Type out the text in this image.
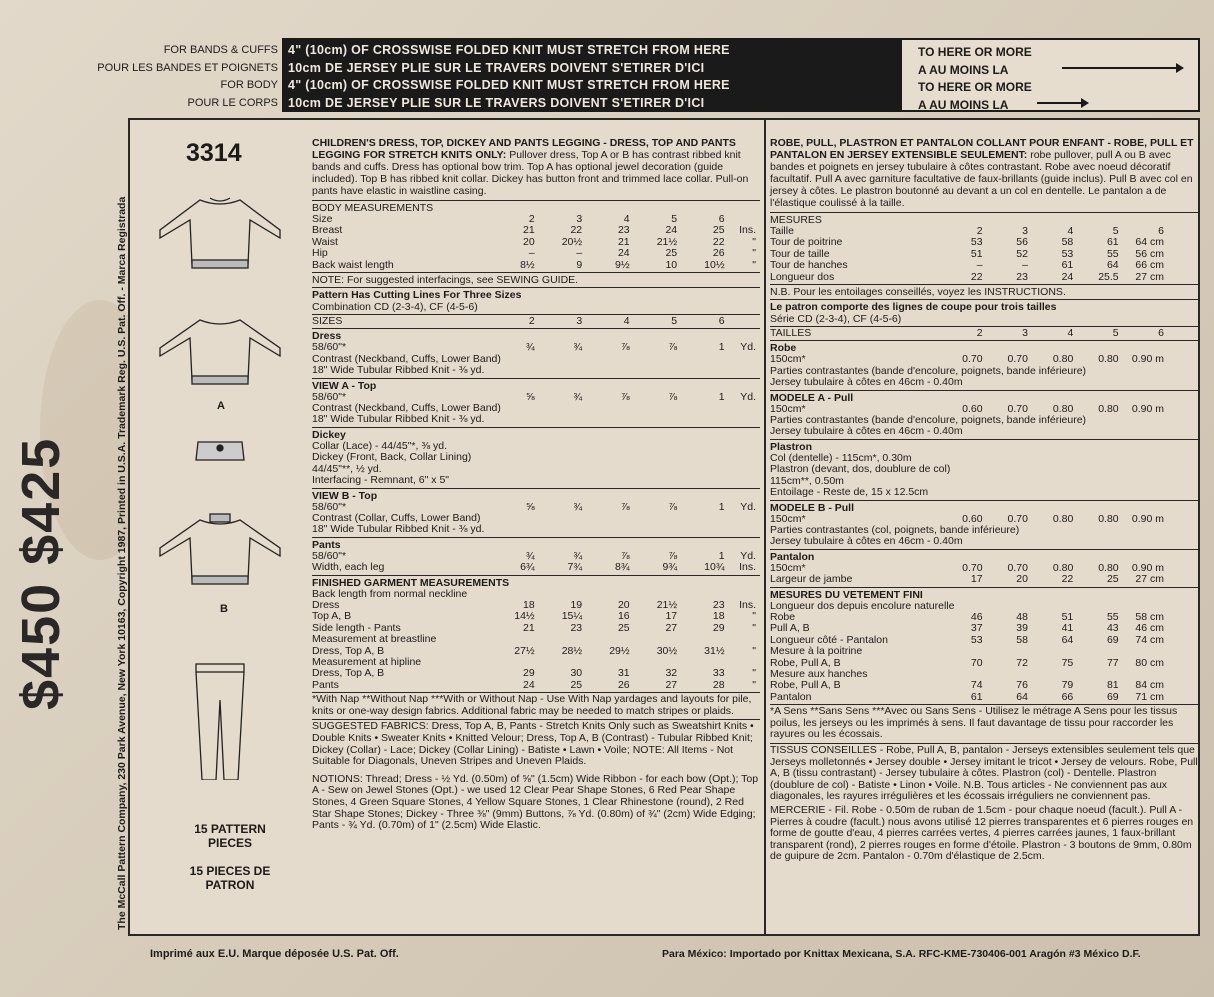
FOR BANDS & CUFFS
POUR LES BANDES ET POIGNETS
FOR BODY
POUR LE CORPS
4" (10cm) OF CROSSWISE FOLDED KNIT MUST STRETCH FROM HERE
10cm DE JERSEY PLIE SUR LE TRAVERS DOIVENT S'ETIRER D'ICI
4" (10cm) OF CROSSWISE FOLDED KNIT MUST STRETCH FROM HERE
10cm DE JERSEY PLIE SUR LE TRAVERS DOIVENT S'ETIRER D'ICI
TO HERE OR MORE
A AU MOINS LA
TO HERE OR MORE
A AU MOINS LA
$450 $425	The McCall Pattern Company, 230 Park Avenue, New York 10163, Copyright 1987, Printed in U.S.A. Trademark Reg. U.S. Pat. Off. - Marca Registrada
3314
A
B
15 PATTERN PIECES
15 PIECES DE PATRON
CHILDREN'S DRESS, TOP, DICKEY AND PANTS LEGGING - DRESS, TOP AND PANTS LEGGING FOR STRETCH KNITS ONLY: Pullover dress, Top A or B has contrast ribbed knit bands and cuffs. Dress has optional bow trim. Top A has optional jewel decoration (guide included). Top B has ribbed knit collar. Dickey has button front and trimmed lace collar. Pull-on pants have elastic in waistline casing.
BODY MEASUREMENTS
Size	2	3	4	5	6	
Breast	21	22	23	24	25	Ins.
Waist	20	20½	21	21½	22	"
Hip	–	–	24	25	26	"
Back waist length	8½	9	9½	10	10½	"
NOTE: For suggested interfacings, see SEWING GUIDE.
Pattern Has Cutting Lines For Three Sizes
Combination CD (2-3-4), CF (4-5-6)
SIZES	2	3	4	5	6	
Dress
58/60"*	¾	¾	⅞	⅞	1	Yd.
Contrast (Neckband, Cuffs, Lower Band)
18" Wide Tubular Ribbed Knit - ⅜ yd.
VIEW A - Top
58/60"*	⅝	¾	⅞	⅞	1	Yd.
Contrast (Neckband, Cuffs, Lower Band)
18" Wide Tubular Ribbed Knit - ⅜ yd.
Dickey
Collar (Lace) - 44/45"*, ⅜ yd.
Dickey (Front, Back, Collar Lining)
44/45"**, ½ yd.
Interfacing - Remnant, 6" x 5"
VIEW B - Top
58/60"*	⅝	¾	⅞	⅞	1	Yd.
Contrast (Collar, Cuffs, Lower Band)
18" Wide Tubular Ribbed Knit - ⅜ yd.
Pants
58/60"*	¾	¾	⅞	⅞	1	Yd.
Width, each leg	6¾	7¾	8¾	9¾	10¾	Ins.
FINISHED GARMENT MEASUREMENTS
Back length from normal neckline						
Dress	18	19	20	21½	23	Ins.
Top A, B	14½	15¼	16	17	18	"
Side length - Pants	21	23	25	27	29	"
Measurement at breastline						
Dress, Top A, B	27½	28½	29½	30½	31½	"
Measurement at hipline						
Dress, Top A, B	29	30	31	32	33	"
Pants	24	25	26	27	28	"
*With Nap **Without Nap ***With or Without Nap - Use With Nap yardages and layouts for pile, knits or one-way design fabrics. Additional fabric may be needed to match stripes or plaids.
SUGGESTED FABRICS: Dress, Top A, B, Pants - Stretch Knits Only such as Sweatshirt Knits • Double Knits • Sweater Knits • Knitted Velour; Dress, Top A, B (Contrast) - Tubular Ribbed Knit; Dickey (Collar) - Lace; Dickey (Collar Lining) - Batiste • Lawn • Voile; NOTE: All Items - Not Suitable for Diagonals, Uneven Stripes and Uneven Plaids.
NOTIONS: Thread; Dress - ½ Yd. (0.50m) of ⅝" (1.5cm) Wide Ribbon - for each bow (Opt.); Top A - Sew on Jewel Stones (Opt.) - we used 12 Clear Pear Shape Stones, 6 Red Pear Shape Stones, 4 Green Square Stones, 4 Yellow Square Stones, 1 Clear Rhinestone (round), 2 Red Star Shape Stones; Dickey - Three ⅜" (9mm) Buttons, ⅞ Yd. (0.80m) of ¾" (2cm) Wide Edging; Pants - ¾ Yd. (0.70m) of 1" (2.5cm) Wide Elastic.
ROBE, PULL, PLASTRON ET PANTALON COLLANT POUR ENFANT - ROBE, PULL ET PANTALON EN JERSEY EXTENSIBLE SEULEMENT: robe pullover, pull A ou B avec bandes et poignets en jersey tubulaire à côtes contrastant. Robe avec noeud décoratif facultatif. Pull A avec garniture facultative de faux-brillants (guide inclus). Pull B avec col en jersey à côtes. Le plastron boutonné au devant a un col en dentelle. Le pantalon a de l'élastique coulissé à la taille.
MESURES
Taille	2	3	4	5	6	
Tour de poitrine	53	56	58	61	64 cm	
Tour de taille	51	52	53	55	56 cm	
Tour de hanches	–	–	61	64	66 cm	
Longueur dos	22	23	24	25.5	27 cm	
N.B. Pour les entoilages conseillés, voyez les INSTRUCTIONS.
Le patron comporte des lignes de coupe pour trois tailles
Série CD (2-3-4), CF (4-5-6)
TAILLES	2	3	4	5	6	
Robe
150cm*	0.70	0.70	0.80	0.80	0.90 m	
Parties contrastantes (bande d'encolure, poignets, bande inférieure)
Jersey tubulaire à côtes en 46cm - 0.40m
MODELE A - Pull
150cm*	0.60	0.70	0.80	0.80	0.90 m	
Parties contrastantes (bande d'encolure, poignets, bande inférieure)
Jersey tubulaire à côtes en 46cm - 0.40m
Plastron
Col (dentelle) - 115cm*, 0.30m
Plastron (devant, dos, doublure de col)
115cm**, 0.50m
Entoilage - Reste de, 15 x 12.5cm
MODELE B - Pull
150cm*	0.60	0.70	0.80	0.80	0.90 m	
Parties contrastantes (col, poignets, bande inférieure)
Jersey tubulaire à côtes en 46cm - 0.40m
Pantalon
150cm*	0.70	0.70	0.80	0.80	0.90 m	
Largeur de jambe	17	20	22	25	27 cm	
MESURES DU VETEMENT FINI
Longueur dos depuis encolure naturelle						
Robe	46	48	51	55	58 cm	
Pull A, B	37	39	41	43	46 cm	
Longueur côté - Pantalon	53	58	64	69	74 cm	
Mesure à la poitrine						
Robe, Pull A, B	70	72	75	77	80 cm	
Mesure aux hanches						
Robe, Pull A, B	74	76	79	81	84 cm	
Pantalon	61	64	66	69	71 cm	
*A Sens **Sans Sens ***Avec ou Sans Sens - Utilisez le métrage A Sens pour les tissus poilus, les jerseys ou les imprimés à sens. Il faut davantage de tissu pour raccorder les rayures ou les écossais.
TISSUS CONSEILLES - Robe, Pull A, B, pantalon - Jerseys extensibles seulement tels que Jerseys molletonnés • Jersey double • Jersey imitant le tricot • Jersey de velours. Robe, Pull A, B (tissu contrastant) - Jersey tubulaire à côtes. Plastron (col) - Dentelle. Plastron (doublure de col) - Batiste • Linon • Voile. N.B. Tous articles - Ne conviennent pas aux diagonales, les rayures irrégulières et les écossais irréguliers ne conviennent pas.
MERCERIE - Fil. Robe - 0.50m de ruban de 1.5cm - pour chaque noeud (facult.). Pull A - Pierres à coudre (facult.) nous avons utilisé 12 pierres transparentes et 6 pierres rouges en forme de goutte d'eau, 4 pierres carrées vertes, 4 pierres carrées jaunes, 1 faux-brillant transparent (rond), 2 pierres rouges en forme d'étoile. Plastron - 3 boutons de 9mm, 0.80m de guipure de 2cm. Pantalon - 0.70m d'élastique de 2.5cm.
Imprimé aux E.U. Marque déposée U.S. Pat. Off.	Para México: Importado por Knittax Mexicana, S.A. RFC-KME-730406-001 Aragón #3 México D.F.
